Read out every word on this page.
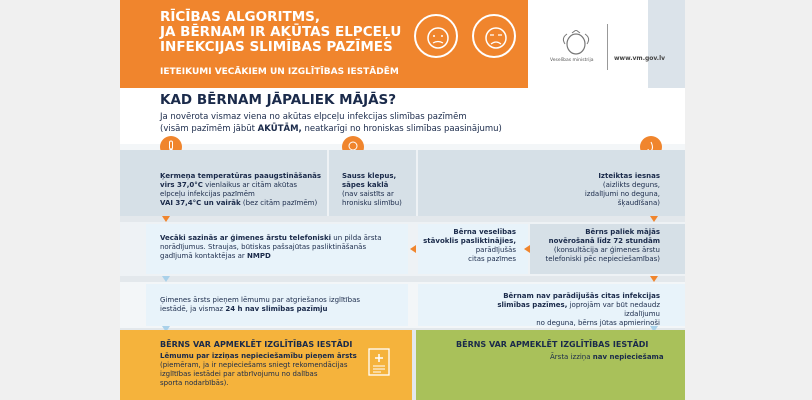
RĪCĪBAS ALGORITMS,
JA BĒRNAM IR AKŪTAS ELPCEĻU
INFEKCIJAS SLIMĪBAS PAZĪMES
IETEIKUMI VECĀKIEM UN IZGLĪTĪBAS IESTĀDĒM
Veselības ministrija	www.vm.gov.lv
KAD BĒRNAM JĀPALIEK MĀJĀS?
Ja novērota vismaz viena no akūtas elpceļu infekcijas slimības pazīmēm
(visām pazīmēm jābūt AKŪTĀM, neatkarīgi no hroniskas slimības paasinājumu)
Ķermeņa temperatūras paaugstināšanās
virs 37,0°C vienlaikus ar citām akūtas
elpceļu infekcijas pazīmēm
VAI 37,4°C un vairāk (bez citām pazīmēm)
Sauss klepus,
sāpes kaklā
(nav saistīts ar
hronisku slimību)
Izteiktas iesnas
(aizlikts deguns,
izdalījumi no deguna,
šķaudīšana)
Vecāki sazinās ar ģimenes ārstu telefoniski un pilda ārsta
norādījumus. Straujas, būtiskas pašsajūtas pasliktināšanās
gadījumā kontaktējas ar NMPD
Bērna veselības
stāvoklis pasliktinājies,
parādījušās
citas pazīmes
Bērns paliek mājās
novērošanā līdz 72 stundām
(konsultācija ar ģimenes ārstu
telefoniski pēc nepieciešamības)
Ģimenes ārsts pieņem lēmumu par atgriešanos izglītības
iestādē, ja vismaz 24 h nav slimības pazīmju
Bērnam nav parādījušās citas infekcijas
slimības pazīmes, joprojām var būt nedaudz izdalījumu
no deguna, bērns jūtas apmierinoši
BĒRNS VAR APMEKLĒT IZGLĪTĪBAS IESTĀDI
Lēmumu par izziņas nepieciešamību pieņem ārsts
(piemēram, ja ir nepieciešams sniegt rekomendācijas
izglītības iestādei par atbrīvojumu no dalības
sporta nodarbībās).
BĒRNS VAR APMEKLĒT IZGLĪTĪBAS IESTĀDI
Ārsta izziņa nav nepieciešama
